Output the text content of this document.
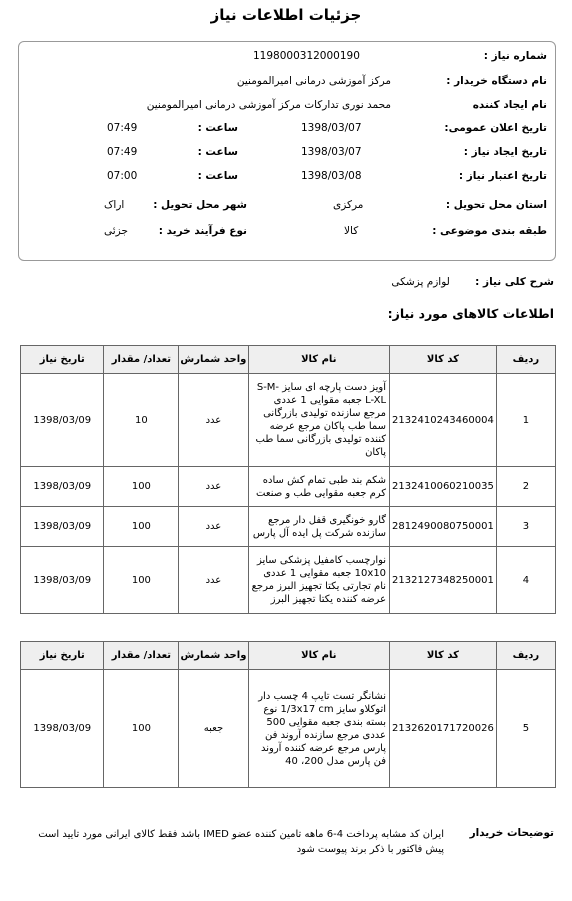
جزئیات اطلاعات نیاز
شماره نیاز :
1198000312000190
نام دستگاه خریدار :
مرکز آموزشی درمانی امیرالمومنین
نام ایجاد کننده
محمد نوری تدارکات مرکز آموزشی درمانی امیرالمومنین
تاریخ اعلان عمومی:
1398/03/07
ساعت :
07:49
تاریخ ایجاد نیاز :
1398/03/07
ساعت :
07:49
تاریخ اعتبار نیاز :
1398/03/08
ساعت :
07:00
استان محل تحویل :
مرکزی
شهر محل تحویل :
اراک
طبقه بندی موضوعی :
کالا
نوع فرآیند خرید :
جزئی
شرح کلی نیاز : لوازم پزشکی
اطلاعات کالاهای مورد نیاز:
ردیف	کد کالا	نام کالا	واحد شمارش	تعداد/ مقدار	تاریخ نیاز
1	2132410243460004	آویز دست پارچه ای سایز S-M-L-XL جعبه مقوایی 1 عددی مرجع سازنده تولیدی بازرگانی سما طب پاکان مرجع عرضه کننده تولیدی بازرگانی سما طب پاکان	عدد	10	1398/03/09
2	2132410060210035	شکم بند طبی تمام کش ساده کرم جعبه مقوایی طب و صنعت	عدد	100	1398/03/09
3	2812490080750001	گارو خونگیری قفل دار مرجع سازنده شرکت پل ایده آل پارس	عدد	100	1398/03/09
4	2132127348250001	نوارچسب کامفیل پزشکی سایز 10x10 جعبه مقوایی 1 عددی نام تجارتی یکتا تجهیز البرز مرجع عرضه کننده یکتا تجهیز البرز	عدد	100	1398/03/09
ردیف	کد کالا	نام کالا	واحد شمارش	تعداد/ مقدار	تاریخ نیاز
5	2132620171720026	نشانگر تست تایپ 4 چسب دار اتوکلاو سایز 1/3x17 cm نوع بسته بندی جعبه مقوایی 500 عددی مرجع سازنده آروند فن پارس مرجع عرضه کننده آروند فن پارس مدل 200، 40	جعبه	100	1398/03/09
توضیحات خریدار
ایران کد مشابه پرداخت 4-6 ماهه تامین کننده عضو IMED باشد فقط کالای ایرانی مورد تایید است پیش فاکتور با ذکر برند پیوست شود
